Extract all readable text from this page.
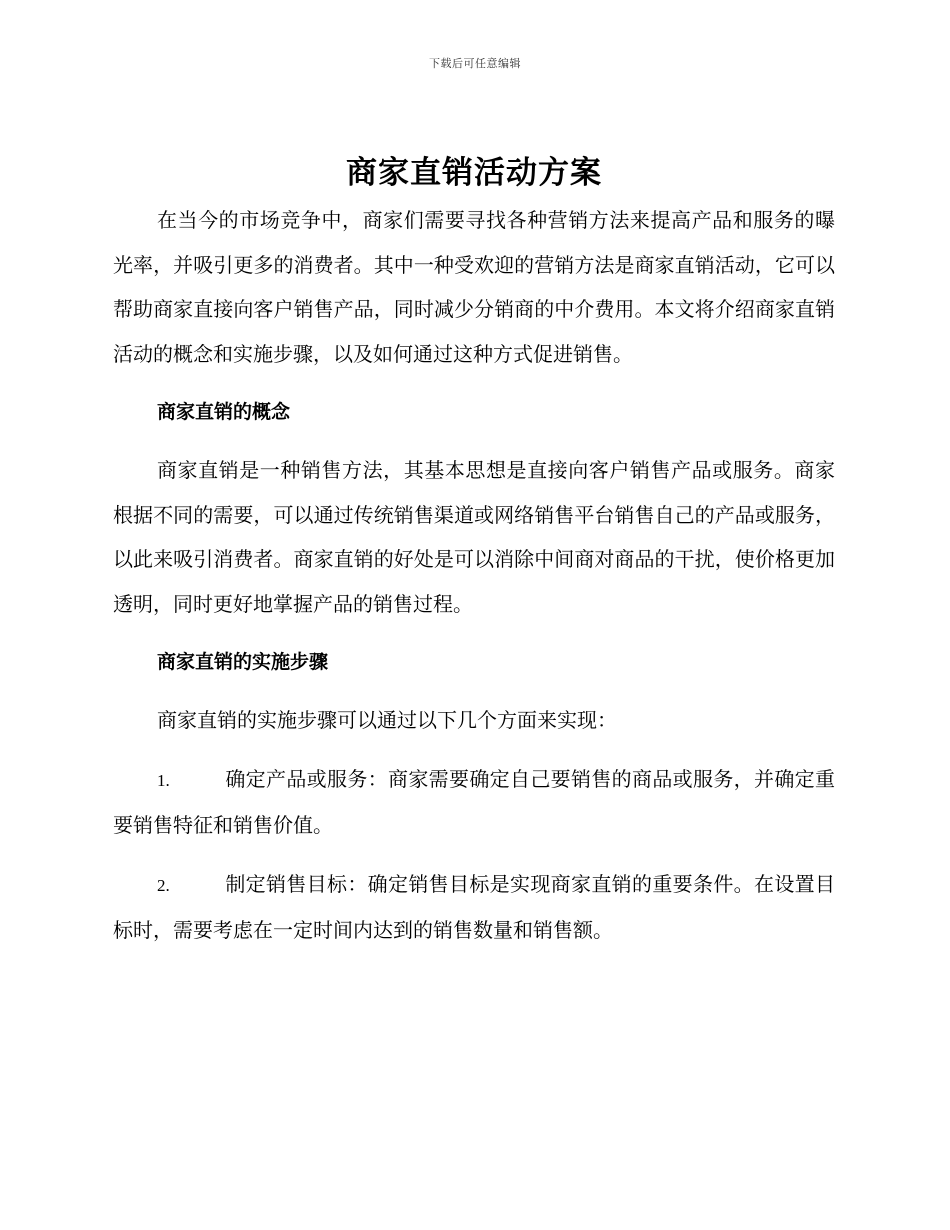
下载后可任意编辑
商家直销活动方案

在当今的市场竞争中，商家们需要寻找各种营销方法来提高产品和服务的曝光率，并吸引更多的消费者。其中一种受欢迎的营销方法是商家直销活动，它可以帮助商家直接向客户销售产品，同时减少分销商的中介费用。本文将介绍商家直销活动的概念和实施步骤，以及如何通过这种方式促进销售。

商家直销的概念

商家直销是一种销售方法，其基本思想是直接向客户销售产品或服务。商家根据不同的需要，可以通过传统销售渠道或网络销售平台销售自己的产品或服务，以此来吸引消费者。商家直销的好处是可以消除中间商对商品的干扰，使价格更加透明，同时更好地掌握产品的销售过程。

商家直销的实施步骤

商家直销的实施步骤可以通过以下几个方面来实现：

1.	确定产品或服务：商家需要确定自己要销售的商品或服务，并确定重要销售特征和销售价值。

2.	制定销售目标：确定销售目标是实现商家直销的重要条件。在设置目标时，需要考虑在一定时间内达到的销售数量和销售额。
